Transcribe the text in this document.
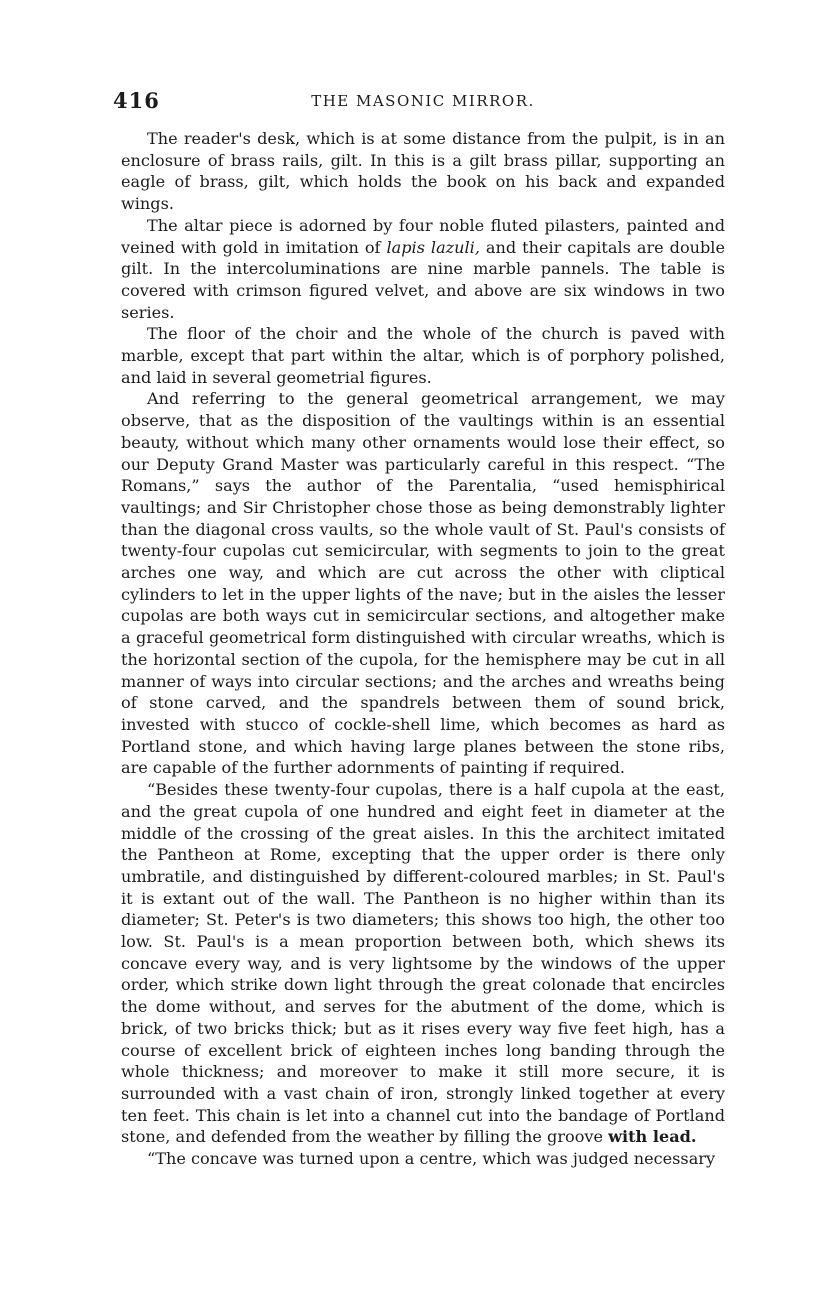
416	THE MASONIC MIRROR.

The reader's desk, which is at some distance from the pulpit, is in an enclosure of brass rails, gilt. In this is a gilt brass pillar, supporting an eagle of brass, gilt, which holds the book on his back and expanded wings.

The altar piece is adorned by four noble fluted pilasters, painted and veined with gold in imitation of lapis lazuli, and their capitals are double gilt. In the intercoluminations are nine marble pannels. The table is covered with crimson figured velvet, and above are six windows in two series.

The floor of the choir and the whole of the church is paved with marble, except that part within the altar, which is of porphory polished, and laid in several geometrial figures.

And referring to the general geometrical arrangement, we may observe, that as the disposition of the vaultings within is an essential beauty, without which many other ornaments would lose their effect, so our Deputy Grand Master was particularly careful in this respect. “The Romans,” says the author of the Parentalia, “used hemisphirical vaultings; and Sir Christopher chose those as being demonstrably lighter than the diagonal cross vaults, so the whole vault of St. Paul's consists of twenty-four cupolas cut semicircular, with segments to join to the great arches one way, and which are cut across the other with cliptical cylinders to let in the upper lights of the nave; but in the aisles the lesser cupolas are both ways cut in semicircular sections, and altogether make a graceful geometrical form distinguished with circular wreaths, which is the horizontal section of the cupola, for the hemisphere may be cut in all manner of ways into circular sections; and the arches and wreaths being of stone carved, and the spandrels between them of sound brick, invested with stucco of cockle-shell lime, which becomes as hard as Portland stone, and which having large planes between the stone ribs, are capable of the further adornments of painting if required.

“Besides these twenty-four cupolas, there is a half cupola at the east, and the great cupola of one hundred and eight feet in diameter at the middle of the crossing of the great aisles. In this the architect imitated the Pantheon at Rome, excepting that the upper order is there only umbratile, and distinguished by different-coloured marbles; in St. Paul's it is extant out of the wall. The Pantheon is no higher within than its diameter; St. Peter's is two diameters; this shows too high, the other too low. St. Paul's is a mean proportion between both, which shews its concave every way, and is very lightsome by the windows of the upper order, which strike down light through the great colonade that encircles the dome without, and serves for the abutment of the dome, which is brick, of two bricks thick; but as it rises every way five feet high, has a course of excellent brick of eighteen inches long banding through the whole thickness; and moreover to make it still more secure, it is surrounded with a vast chain of iron, strongly linked together at every ten feet. This chain is let into a channel cut into the bandage of Portland stone, and defended from the weather by filling the groove with lead.

“The concave was turned upon a centre, which was judged necessary
